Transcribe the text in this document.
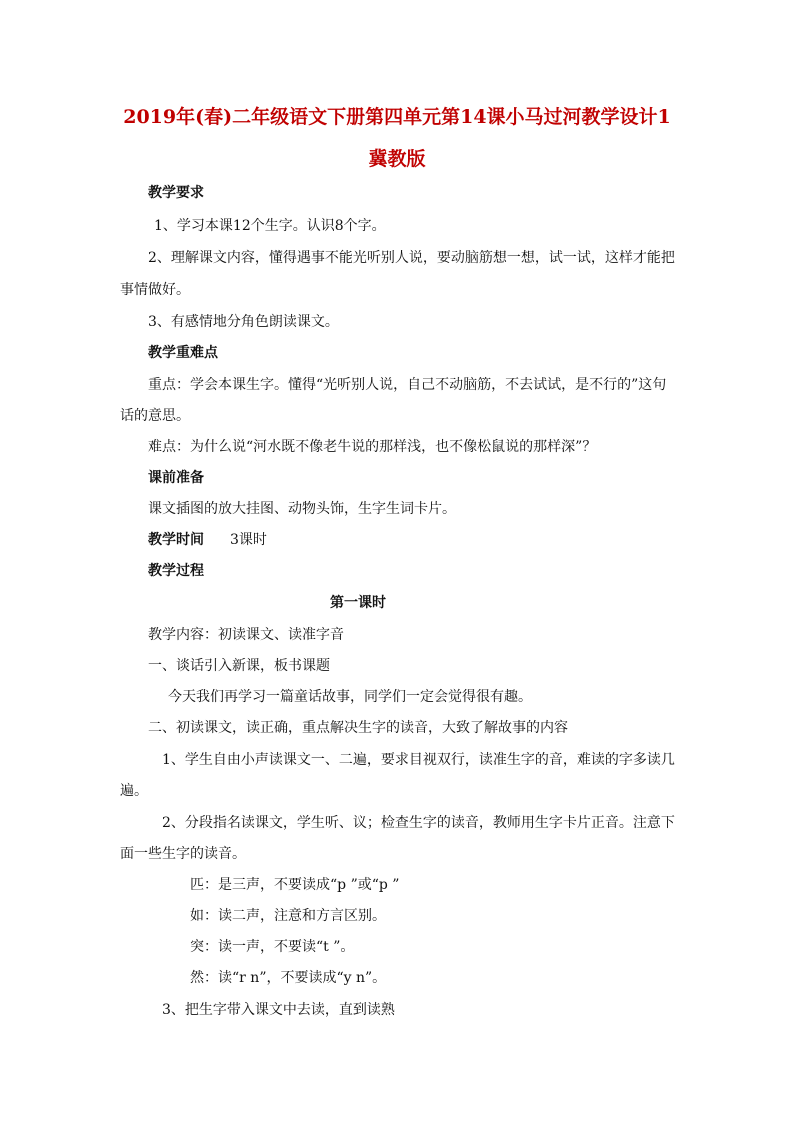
2019年(春)二年级语文下册第四单元第14课小马过河教学设计1
冀教版
教学要求
1、学习本课12个生字。认识8个字。
2、理解课文内容，懂得遇事不能光听别人说，要动脑筋想一想，试一试，这样才能把
事情做好。
3、有感情地分角色朗读课文。
教学重难点
重点：学会本课生字。懂得“光听别人说，自己不动脑筋，不去试试，是不行的”这句
话的意思。
难点：为什么说“河水既不像老牛说的那样浅，也不像松鼠说的那样深”？
课前准备
课文插图的放大挂图、动物头饰，生字生词卡片。
教学时间 3课时
教学过程
第一课时
教学内容：初读课文、读准字音
一、谈话引入新课，板书课题
今天我们再学习一篇童话故事，同学们一定会觉得很有趣。
二、初读课文，读正确，重点解决生字的读音，大致了解故事的内容
1、学生自由小声读课文一、二遍，要求目视双行，读准生字的音，难读的字多读几
遍。
2、分段指名读课文，学生听、议；检查生字的读音，教师用生字卡片正音。注意下
面一些生字的读音。
匹：是三声，不要读成“p ”或“p ”
如：读二声，注意和方言区别。
突：读一声，不要读“t ”。
然：读“r n”，不要读成“y n”。
3、把生字带入课文中去读，直到读熟
